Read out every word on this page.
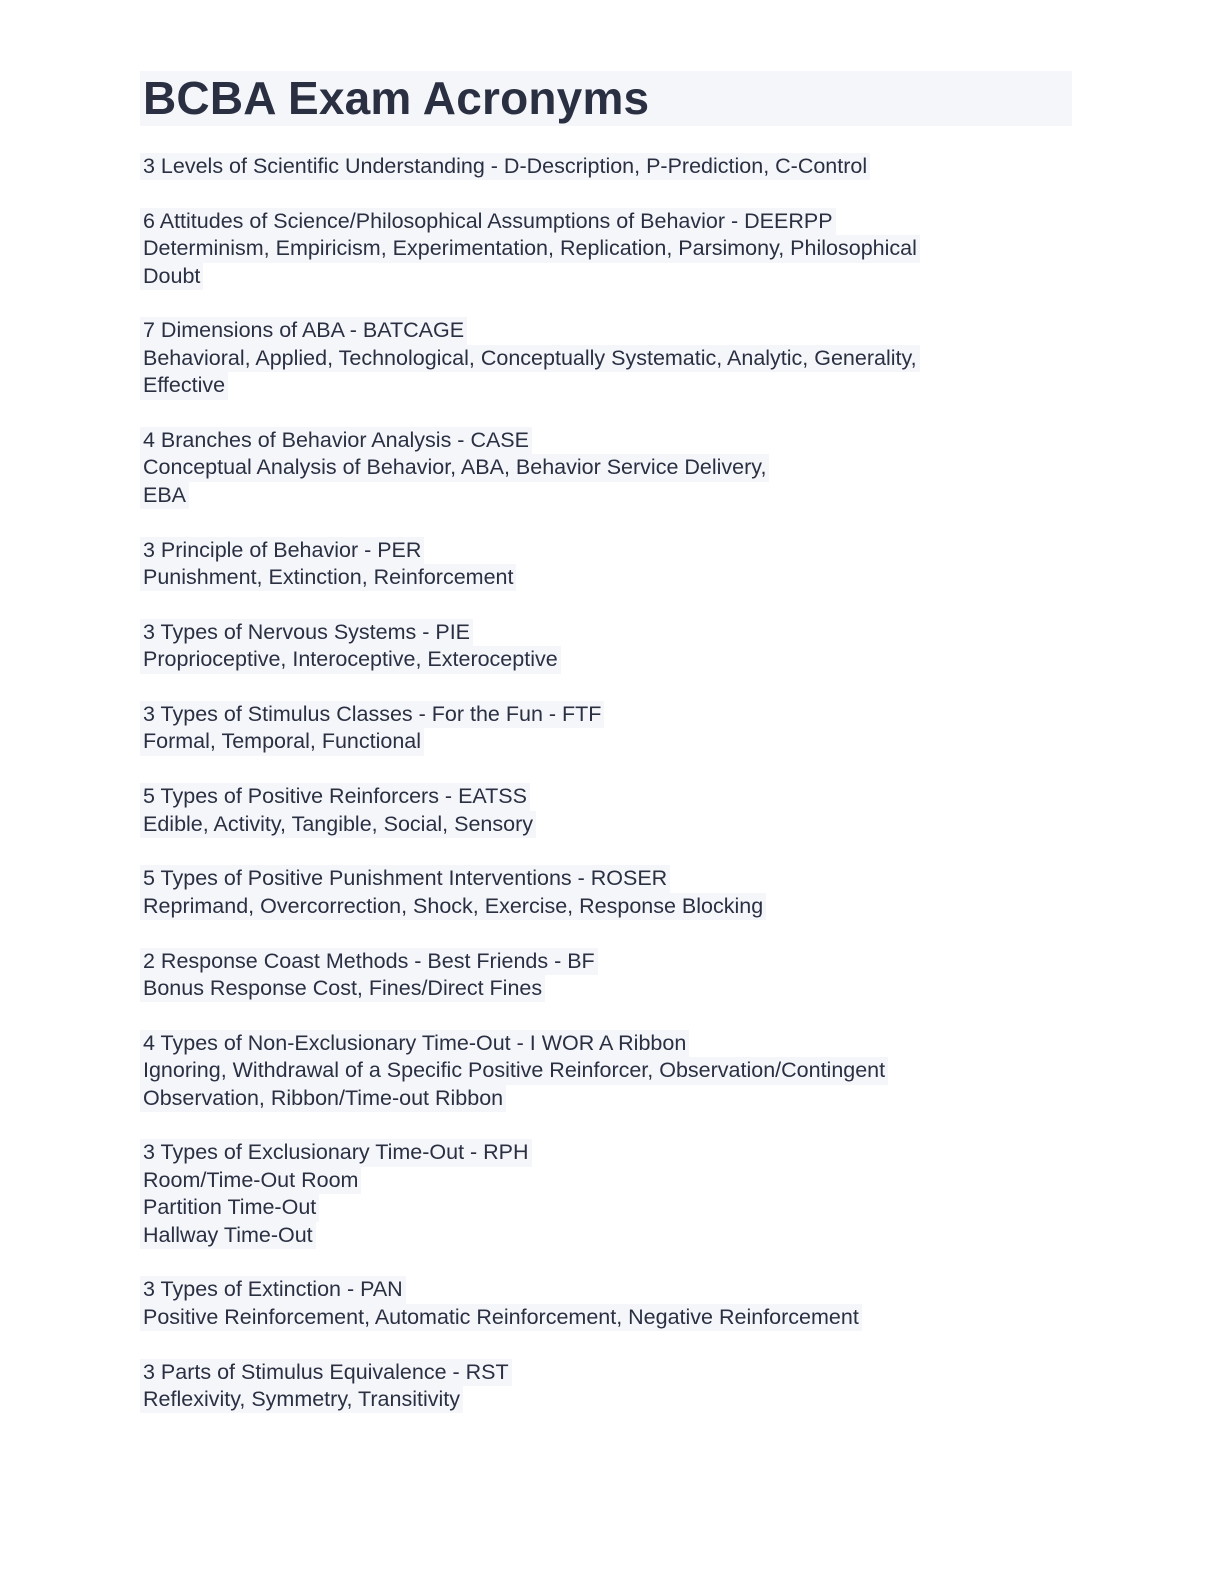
BCBA Exam Acronyms
3 Levels of Scientific Understanding - D-Description, P-Prediction, C-Control
6 Attitudes of Science/Philosophical Assumptions of Behavior - DEERPP
Determinism, Empiricism, Experimentation, Replication, Parsimony, Philosophical
Doubt
7 Dimensions of ABA - BATCAGE
Behavioral, Applied, Technological, Conceptually Systematic, Analytic, Generality,
Effective
4 Branches of Behavior Analysis - CASE
Conceptual Analysis of Behavior, ABA, Behavior Service Delivery,
EBA
3 Principle of Behavior - PER
Punishment, Extinction, Reinforcement
3 Types of Nervous Systems - PIE
Proprioceptive, Interoceptive, Exteroceptive
3 Types of Stimulus Classes - For the Fun - FTF
Formal, Temporal, Functional
5 Types of Positive Reinforcers - EATSS
Edible, Activity, Tangible, Social, Sensory
5 Types of Positive Punishment Interventions - ROSER
Reprimand, Overcorrection, Shock, Exercise, Response Blocking
2 Response Coast Methods - Best Friends - BF
Bonus Response Cost, Fines/Direct Fines
4 Types of Non-Exclusionary Time-Out - I WOR A Ribbon
Ignoring, Withdrawal of a Specific Positive Reinforcer, Observation/Contingent
Observation, Ribbon/Time-out Ribbon
3 Types of Exclusionary Time-Out - RPH
Room/Time-Out Room
Partition Time-Out
Hallway Time-Out
3 Types of Extinction - PAN
Positive Reinforcement, Automatic Reinforcement, Negative Reinforcement
3 Parts of Stimulus Equivalence - RST
Reflexivity, Symmetry, Transitivity
